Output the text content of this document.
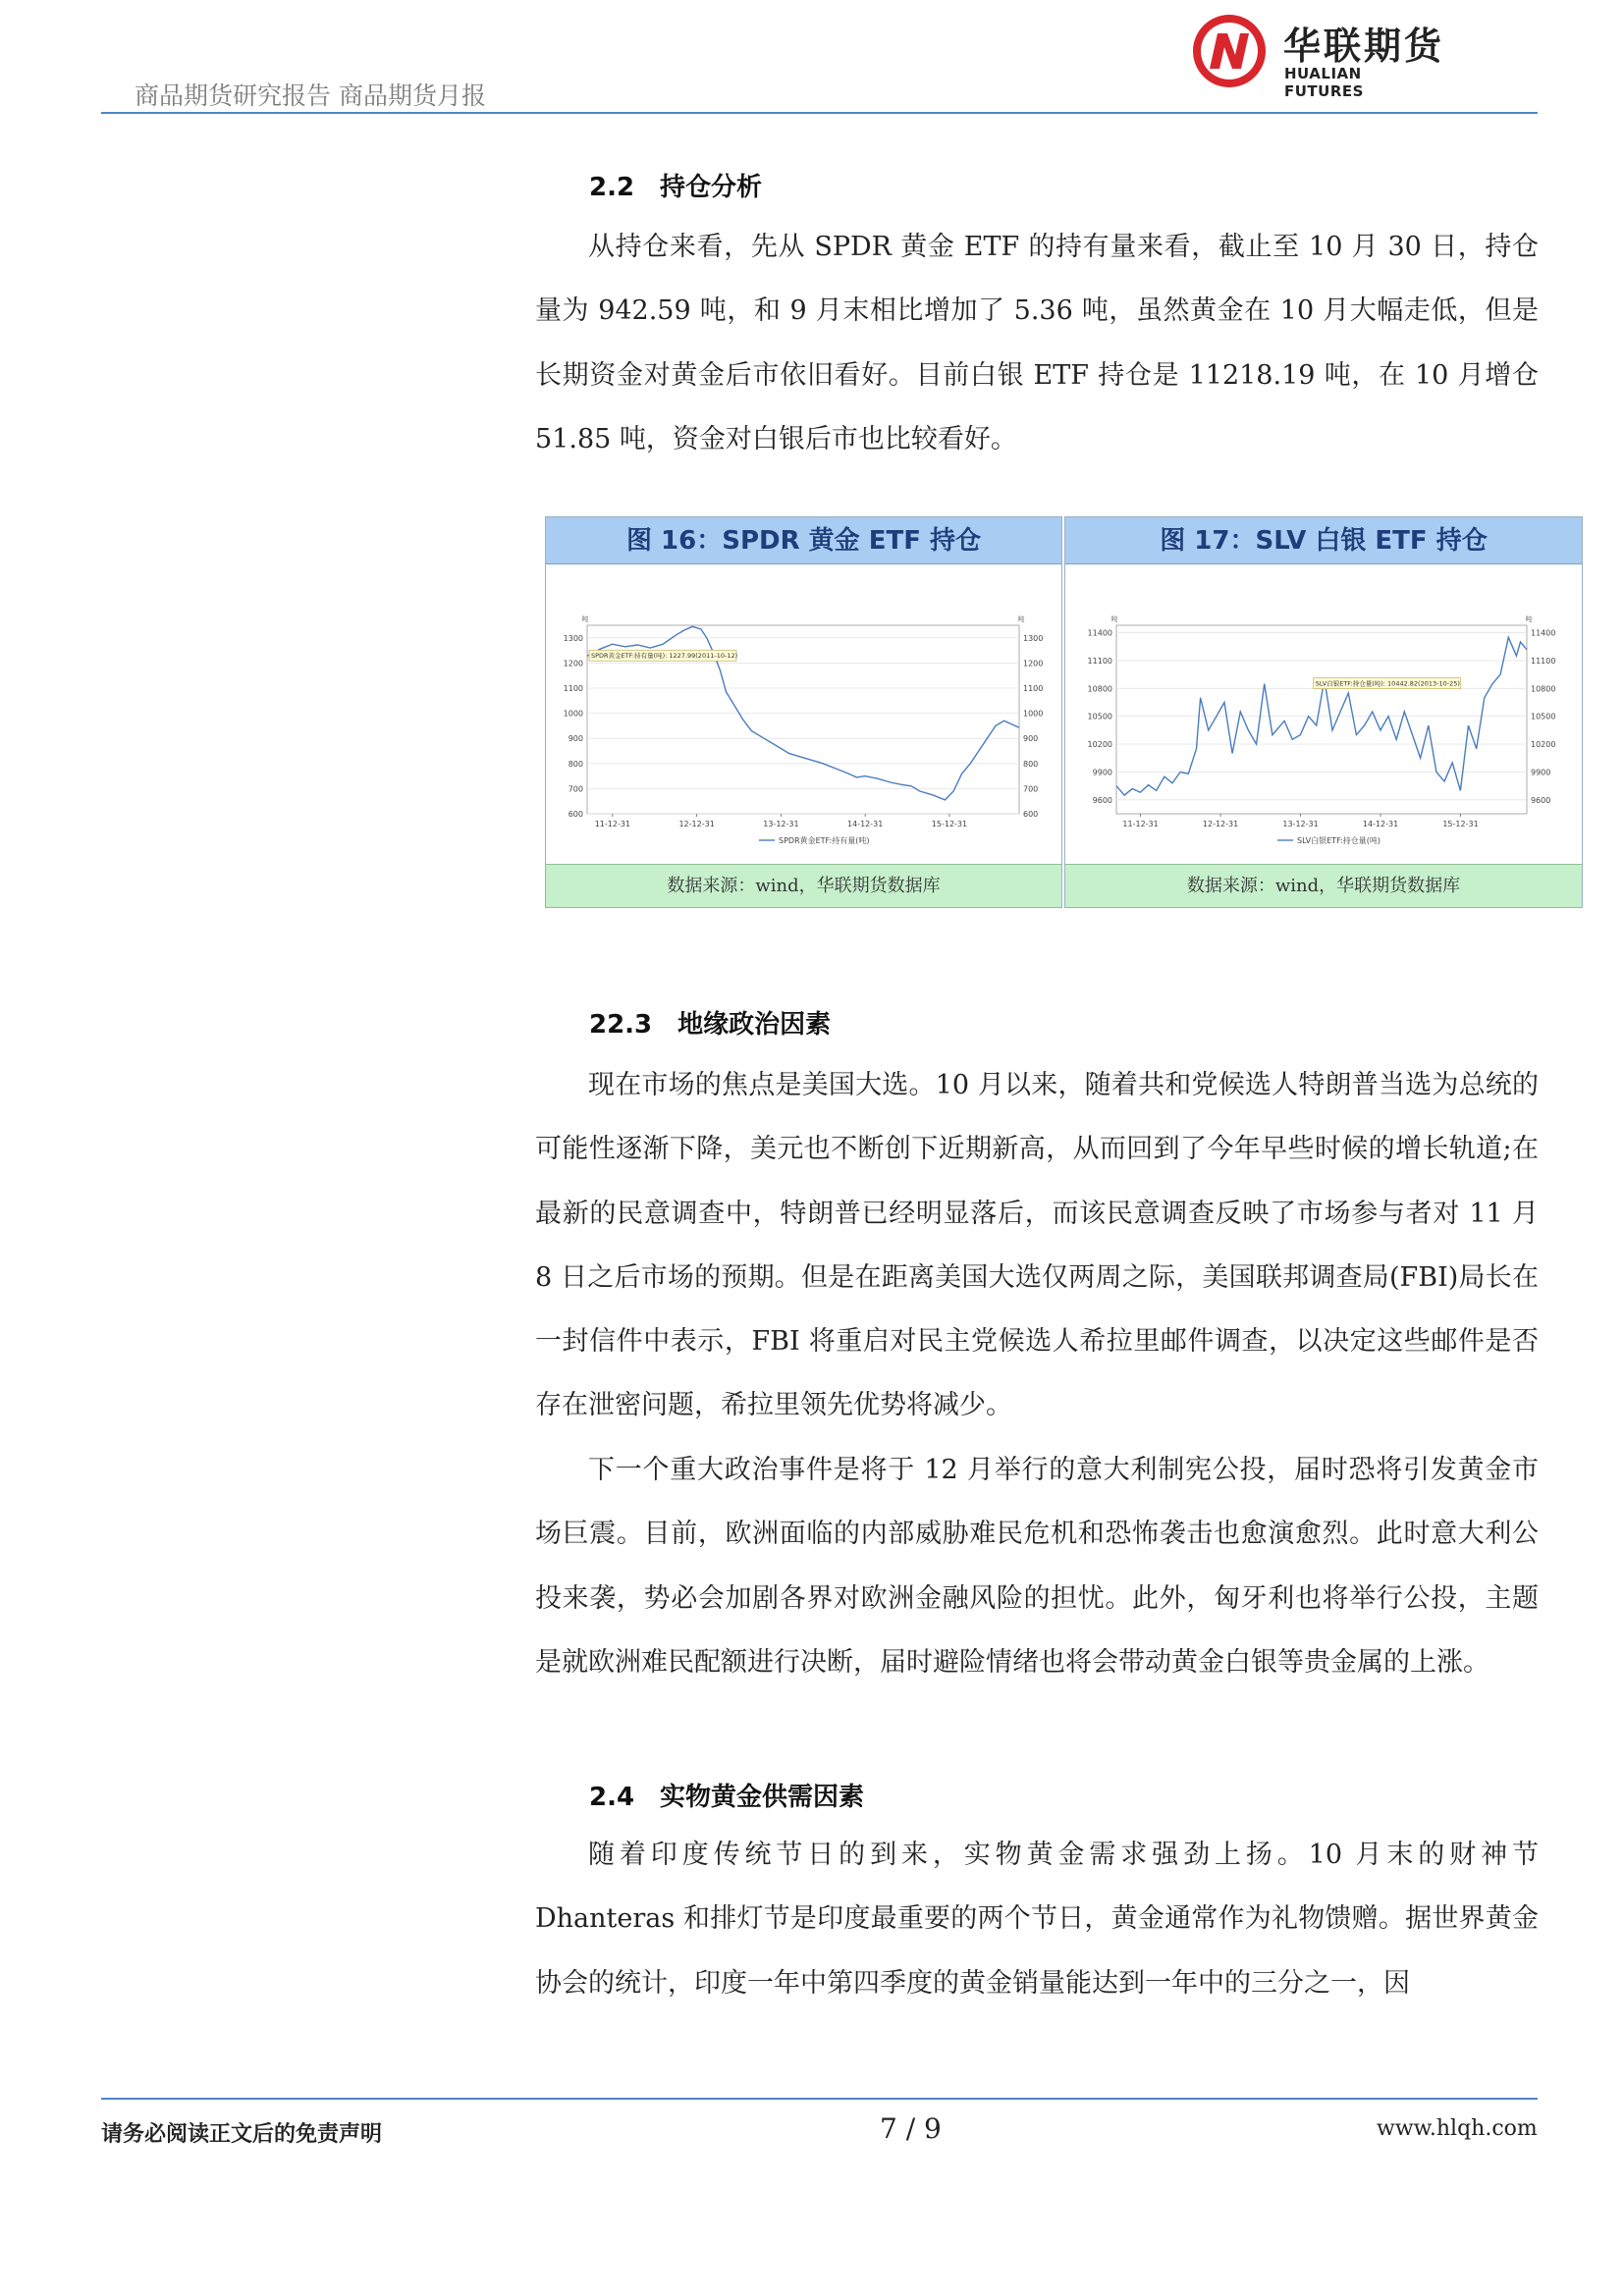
商品期货研究报告 商品期货月报
华联期货
HUALIAN FUTURES
2.2　持仓分析

从持仓来看，先从 SPDR 黄金 ETF 的持有量来看，截止至 10 月 30 日，持仓量为 942.59 吨，和 9 月末相比增加了 5.36 吨，虽然黄金在 10 月大幅走低，但是长期资金对黄金后市依旧看好。目前白银 ETF 持仓是 11218.19 吨，在 10 月增仓 51.85 吨，资金对白银后市也比较看好。

图 16：SPDR 黄金 ETF 持仓
600	600
700	700
800	800
900	900
1000	1000
1100	1100
1200	1200
1300	1300
11-12-31	12-12-31	13-12-31	14-12-31	15-12-31
吨	吨
SPDR黄金ETF:持有量(吨): 1227.99(2011-10-12)
SPDR黄金ETF:持有量(吨)
数据来源：wind，华联期货数据库
图 17：SLV 白银 ETF 持仓
9600	9600
9900	9900
10200	10200
10500	10500
10800	10800
11100	11100
11400	11400
11-12-31	12-12-31	13-12-31	14-12-31	15-12-31
吨	吨
SLV白银ETF:持仓量(吨): 10442.82(2013-10-25)
SLV白银ETF:持仓量(吨)
数据来源：wind，华联期货数据库
22.3　地缘政治因素

现在市场的焦点是美国大选。10 月以来，随着共和党候选人特朗普当选为总统的可能性逐渐下降，美元也不断创下近期新高，从而回到了今年早些时候的增长轨道;在最新的民意调查中，特朗普已经明显落后，而该民意调查反映了市场参与者对 11 月 8 日之后市场的预期。但是在距离美国大选仅两周之际，美国联邦调查局(FBI)局长在一封信件中表示，FBI 将重启对民主党候选人希拉里邮件调查，以决定这些邮件是否存在泄密问题，希拉里领先优势将减少。

下一个重大政治事件是将于 12 月举行的意大利制宪公投，届时恐将引发黄金市场巨震。目前，欧洲面临的内部威胁难民危机和恐怖袭击也愈演愈烈。此时意大利公投来袭，势必会加剧各界对欧洲金融风险的担忧。此外，匈牙利也将举行公投，主题是就欧洲难民配额进行决断，届时避险情绪也将会带动黄金白银等贵金属的上涨。

2.4　实物黄金供需因素

随着印度传统节日的到来，实物黄金需求强劲上扬。10 月末的财神节 Dhanteras 和排灯节是印度最重要的两个节日，黄金通常作为礼物馈赠。据世界黄金协会的统计，印度一年中第四季度的黄金销量能达到一年中的三分之一，因

请务必阅读正文后的免责声明	7 / 9	www.hlqh.com
